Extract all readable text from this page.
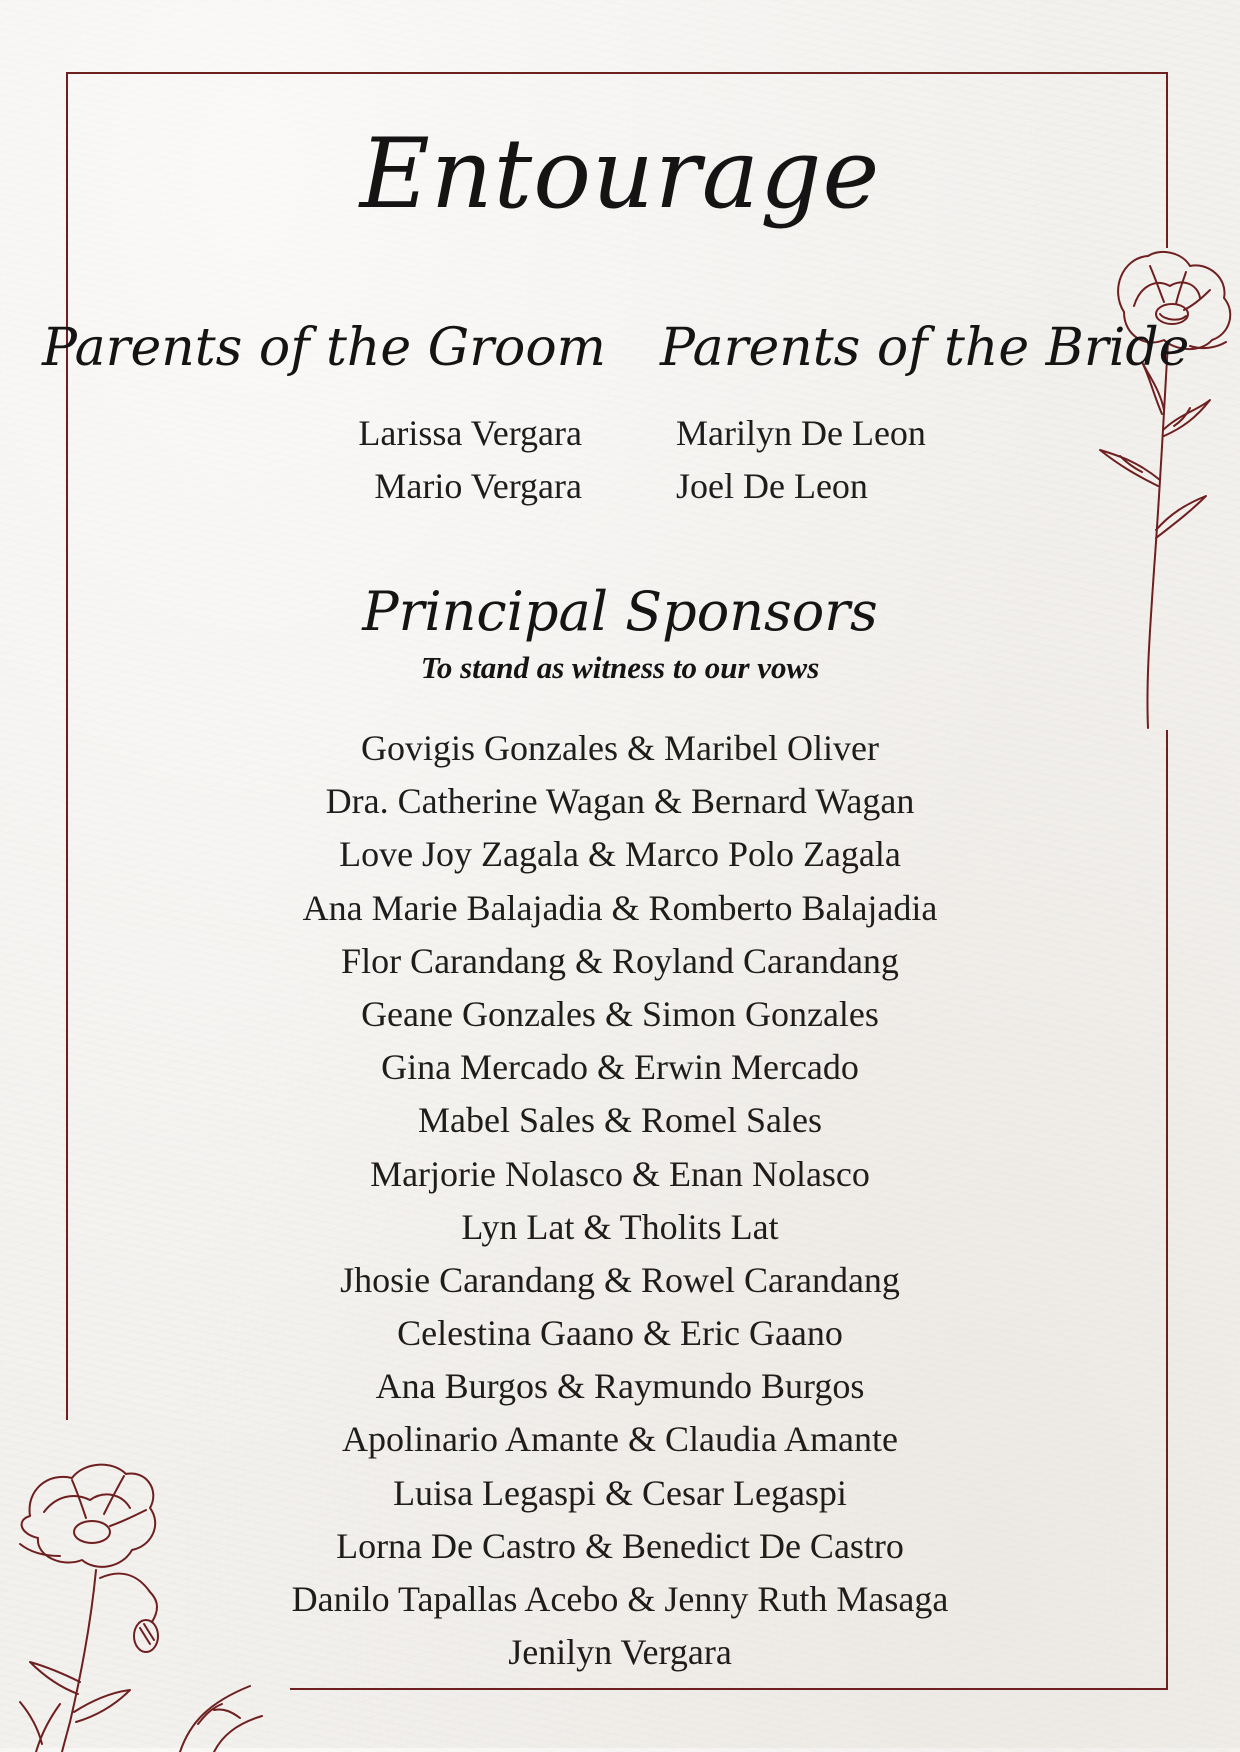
Entourage
Parents of the Groom Parents of the Bride
Larissa Vergara
Mario Vergara
Marilyn De Leon
Joel De Leon
Principal Sponsors
To stand as witness to our vows
Govigis Gonzales & Maribel Oliver
Dra. Catherine Wagan & Bernard Wagan
Love Joy Zagala & Marco Polo Zagala
Ana Marie Balajadia & Romberto Balajadia
Flor Carandang & Royland Carandang
Geane Gonzales & Simon Gonzales
Gina Mercado & Erwin Mercado
Mabel Sales & Romel Sales
Marjorie Nolasco & Enan Nolasco
Lyn Lat & Tholits Lat
Jhosie Carandang & Rowel Carandang
Celestina Gaano & Eric Gaano
Ana Burgos & Raymundo Burgos
Apolinario Amante & Claudia Amante
Luisa Legaspi & Cesar Legaspi
Lorna De Castro & Benedict De Castro
Danilo Tapallas Acebo & Jenny Ruth Masaga
Jenilyn Vergara
